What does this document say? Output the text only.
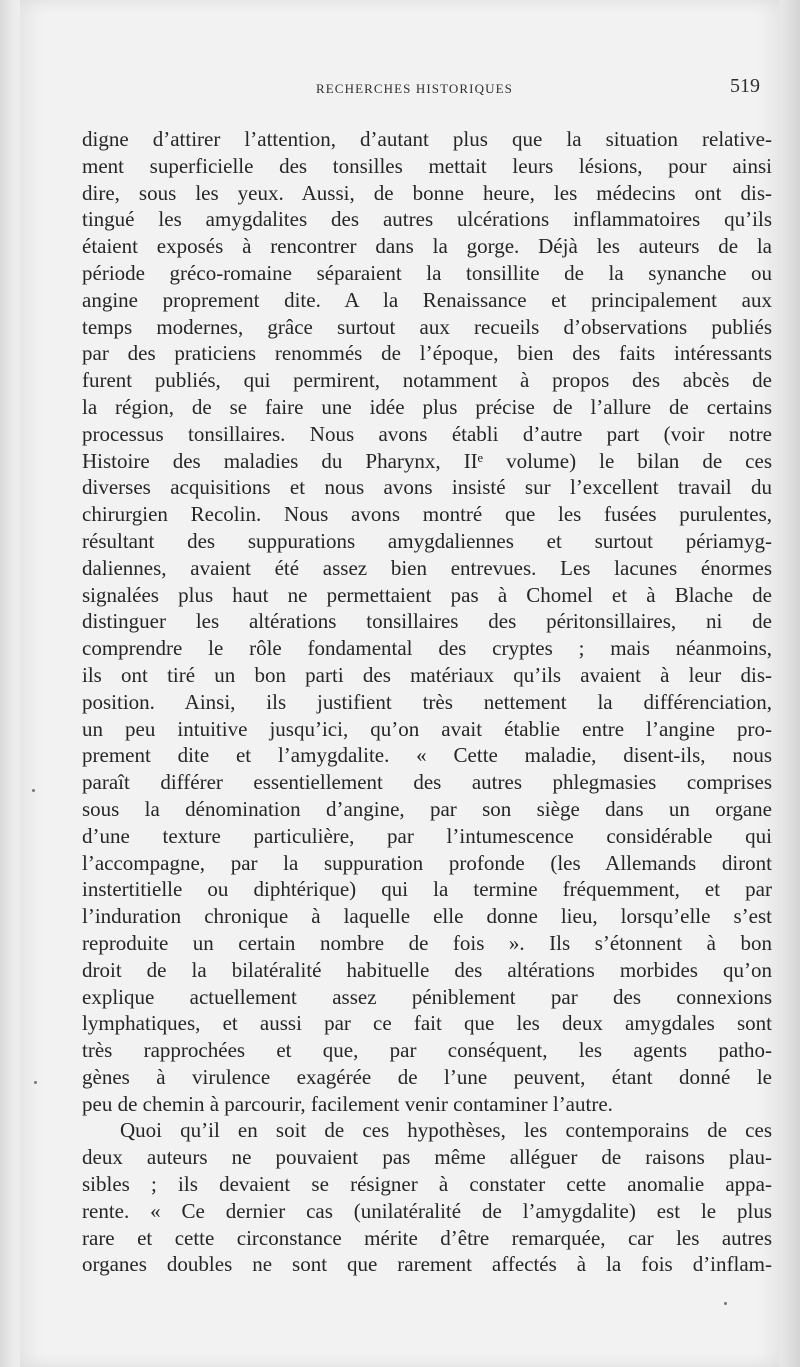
RECHERCHES HISTORIQUES	519
digne d’attirer l’attention, d’autant plus que la situation relative-
ment superficielle des tonsilles mettait leurs lésions, pour ainsi
dire, sous les yeux. Aussi, de bonne heure, les médecins ont dis-
tingué les amygdalites des autres ulcérations inflammatoires qu’ils
étaient exposés à rencontrer dans la gorge. Déjà les auteurs de la
période gréco-romaine séparaient la tonsillite de la synanche ou
angine proprement dite. A la Renaissance et principalement aux
temps modernes, grâce surtout aux recueils d’observations publiés
par des praticiens renommés de l’époque, bien des faits intéressants
furent publiés, qui permirent, notamment à propos des abcès de
la région, de se faire une idée plus précise de l’allure de certains
processus tonsillaires. Nous avons établi d’autre part (voir notre
Histoire des maladies du Pharynx, IIᵉ volume) le bilan de ces
diverses acquisitions et nous avons insisté sur l’excellent travail du
chirurgien Recolin. Nous avons montré que les fusées purulentes,
résultant des suppurations amygdaliennes et surtout périamyg-
daliennes, avaient été assez bien entrevues. Les lacunes énormes
signalées plus haut ne permettaient pas à Chomel et à Blache de
distinguer les altérations tonsillaires des péritonsillaires, ni de
comprendre le rôle fondamental des cryptes ; mais néanmoins,
ils ont tiré un bon parti des matériaux qu’ils avaient à leur dis-
position. Ainsi, ils justifient très nettement la différenciation,
un peu intuitive jusqu’ici, qu’on avait établie entre l’angine pro-
prement dite et l’amygdalite. « Cette maladie, disent-ils, nous
paraît différer essentiellement des autres phlegmasies comprises
sous la dénomination d’angine, par son siège dans un organe
d’une texture particulière, par l’intumescence considérable qui
l’accompagne, par la suppuration profonde (les Allemands diront
instertitielle ou diphtérique) qui la termine fréquemment, et par
l’induration chronique à laquelle elle donne lieu, lorsqu’elle s’est
reproduite un certain nombre de fois ». Ils s’étonnent à bon
droit de la bilatéralité habituelle des altérations morbides qu’on
explique actuellement assez péniblement par des connexions
lymphatiques, et aussi par ce fait que les deux amygdales sont
très rapprochées et que, par conséquent, les agents patho-
gènes à virulence exagérée de l’une peuvent, étant donné le
peu de chemin à parcourir, facilement venir contaminer l’autre.
Quoi qu’il en soit de ces hypothèses, les contemporains de ces
deux auteurs ne pouvaient pas même alléguer de raisons plau-
sibles ; ils devaient se résigner à constater cette anomalie appa-
rente. « Ce dernier cas (unilatéralité de l’amygdalite) est le plus
rare et cette circonstance mérite d’être remarquée, car les autres
organes doubles ne sont que rarement affectés à la fois d’inflam-
